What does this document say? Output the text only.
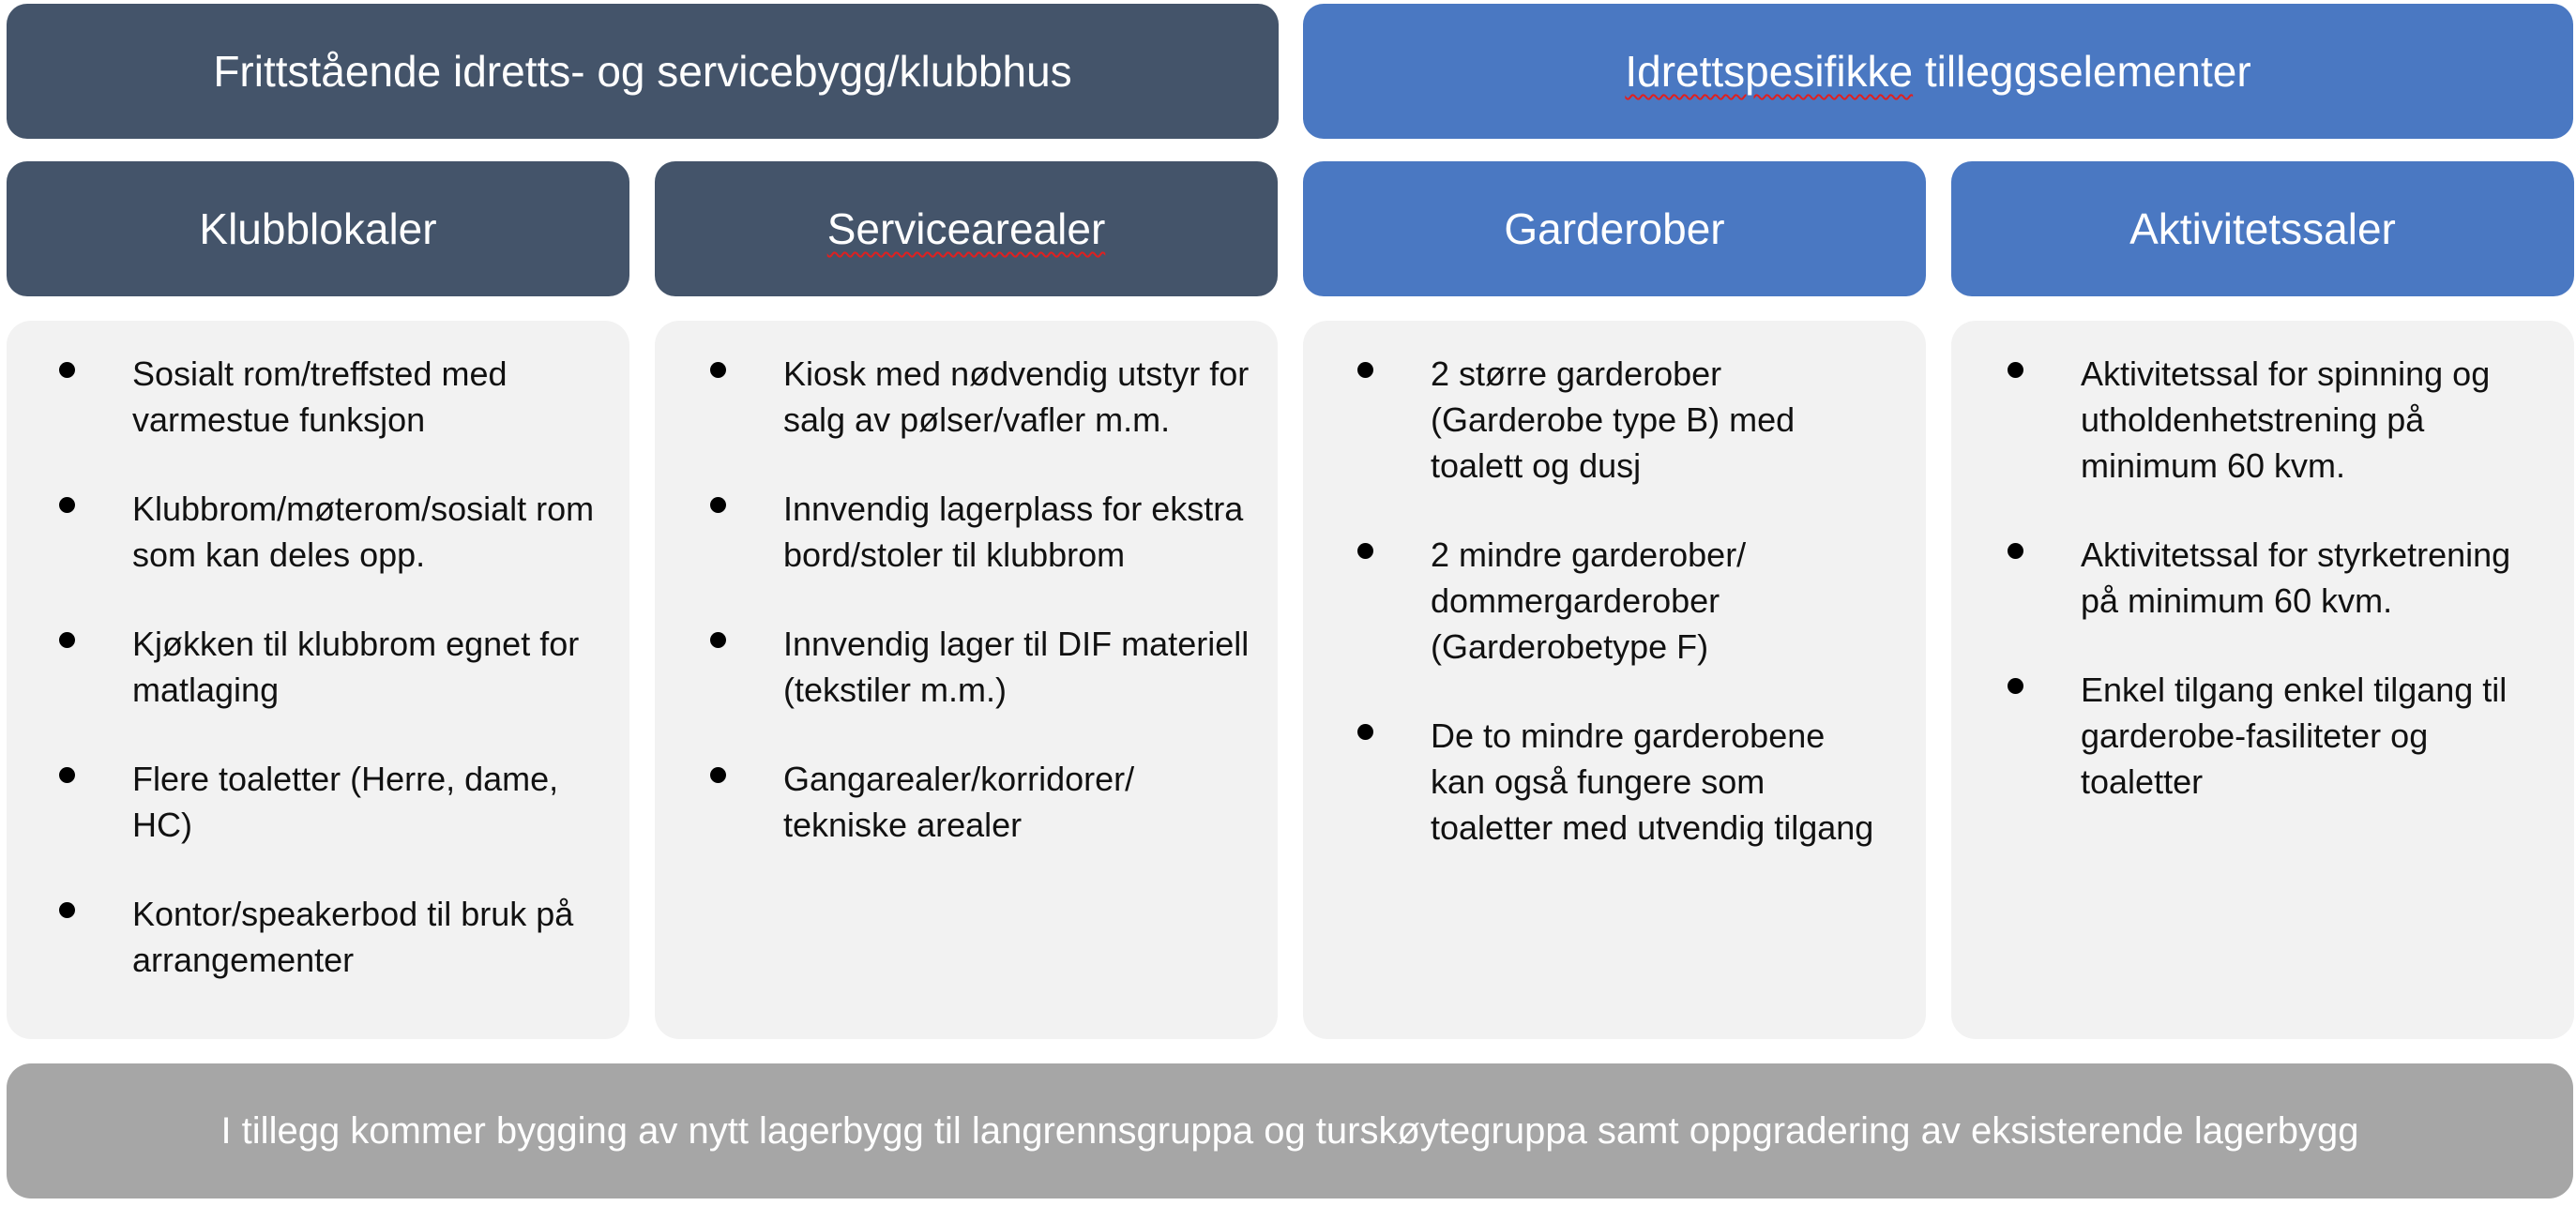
Frittstående idretts- og servicebygg/klubbhus	Idrettspesifikke tilleggselementer
Klubblokaler	Servicearealer	Garderober	Aktivitetssaler
Sosialt rom/treffsted med varmestue funksjon
Klubbrom/møterom/sosialt rom som kan deles opp.
Kjøkken til klubbrom egnet for matlaging
Flere toaletter (Herre, dame, HC)
Kontor/speakerbod til bruk på arrangementer
Kiosk med nødvendig utstyr for salg av pølser/vafler m.m.
Innvendig lagerplass for ekstra bord/stoler til klubbrom
Innvendig lager til DIF materiell (tekstiler m.m.)
Gangarealer/korridorer/ tekniske arealer
2 større garderober (Garderobe type B) med toalett og dusj
2 mindre garderober/ dommergarderober (Garderobetype F)
De to mindre garderobene kan også fungere som toaletter med utvendig tilgang
Aktivitetssal for spinning og utholdenhetstrening på minimum 60 kvm.
Aktivitetssal for styrketrening på minimum 60 kvm.
Enkel tilgang enkel tilgang til garderobe-fasiliteter og toaletter
I tillegg kommer bygging av nytt lagerbygg til langrennsgruppa og turskøytegruppa samt oppgradering av eksisterende lagerbygg
